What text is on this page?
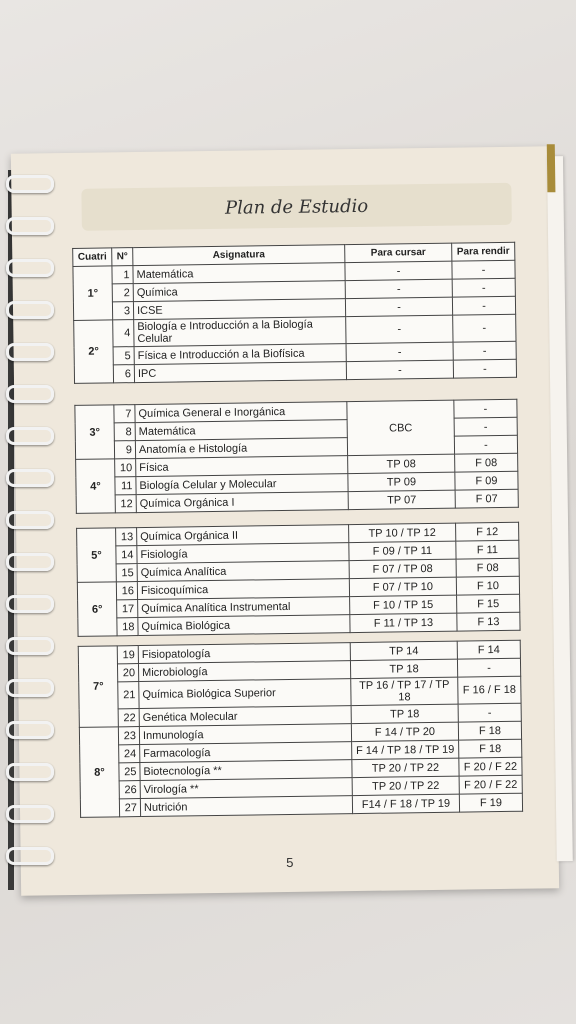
Plan de Estudio
Cuatri	N°	Asignatura	Para cursar	Para rendir
1°	1	Matemática	-	-
	2	Química	-	-
	3	ICSE	-	-
2°	4	Biología e Introducción a la Biología Celular	-	-
	5	Física e Introducción a la Biofísica	-	-
	6	IPC	-	-
3°	7	Química General e Inorgánica	CBC	-
	8	Matemática		-
	9	Anatomía e Histología		-
4°	10	Física	TP 08	F 08
	11	Biología Celular y Molecular	TP 09	F 09
	12	Química Orgánica I	TP 07	F 07
5°	13	Química Orgánica II	TP 10 / TP 12	F 12
	14	Fisiología	F 09 / TP 11	F 11
	15	Química Analítica	F 07 / TP 08	F 08
6°	16	Fisicoquímica	F 07 / TP 10	F 10
	17	Química Analítica Instrumental	F 10 / TP 15	F 15
	18	Química Biológica	F 11 / TP 13	F 13
7°	19	Fisiopatología	TP 14	F 14
	20	Microbiología	TP 18	-
	21	Química Biológica Superior	TP 16 / TP 17 / TP 18	F 16 / F 18
	22	Genética Molecular	TP 18	-
8°	23	Inmunología	F 14 / TP 20	F 18
	24	Farmacología	F 14 / TP 18 / TP 19	F 18
	25	Biotecnología **	TP 20 / TP 22	F 20 / F 22
	26	Virología **	TP 20 / TP 22	F 20 / F 22
	27	Nutrición	F14 / F 18 / TP 19	F 19
5
